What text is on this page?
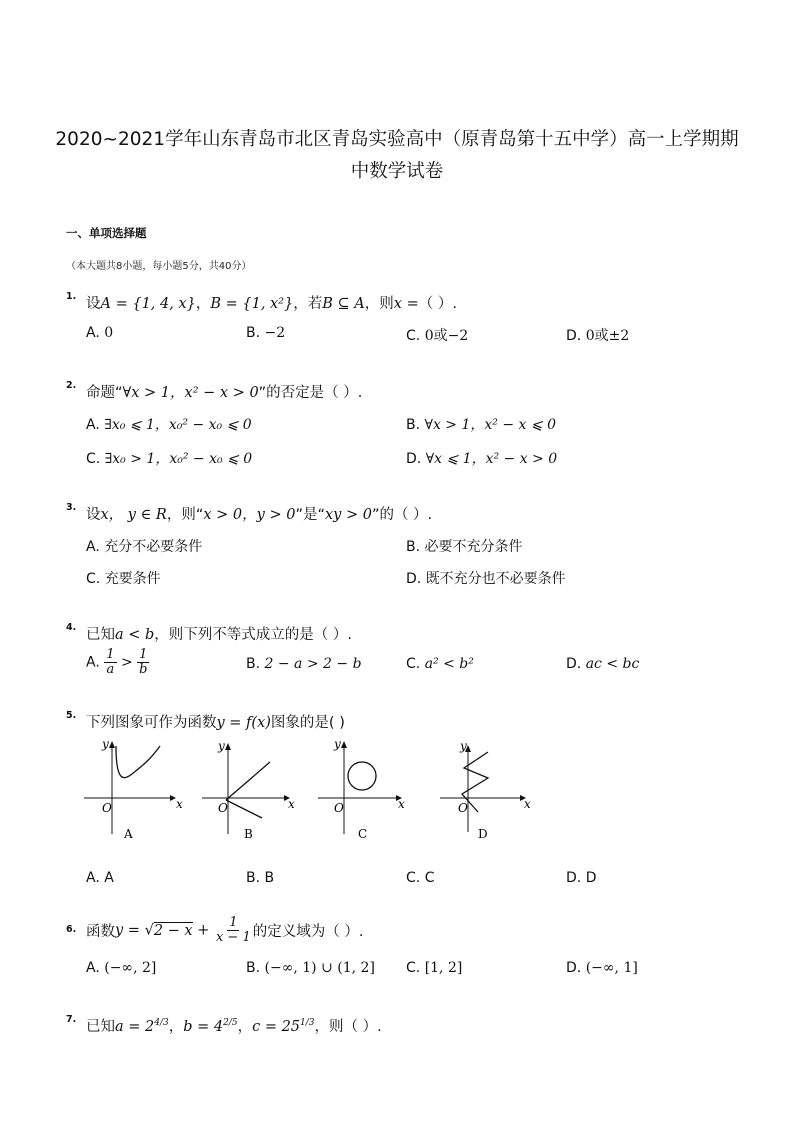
2020~2021学年山东青岛市北区青岛实验高中（原青岛第十五中学）高一上学期期
中数学试卷
一、单项选择题
（本大题共8小题，每小题5分，共40分）
1. 设A = {1, 4, x}，B = {1, x²}，若B ⊆ A，则x =（ ）.
A. 0	B. −2	C. 0或−2	D. 0或±2
2. 命题“∀x > 1，x² − x > 0”的否定是（ ）.
A. ∃x₀ ⩽ 1，x₀² − x₀ ⩽ 0	B. ∀x > 1，x² − x ⩽ 0
C. ∃x₀ > 1，x₀² − x₀ ⩽ 0	D. ∀x ⩽ 1，x² − x > 0
3. 设x， y ∈ R，则“x > 0，y > 0”是“xy > 0”的（ ）.
A. 充分不必要条件	B. 必要不充分条件
C. 充要条件	D. 既不充分也不必要条件
4. 已知a < b，则下列不等式成立的是（ ）.
A. $\frac{1}{a} > \frac{1}{b}$	B. 2 − a > 2 − b	C. a² < b²	D. ac < bc
5. 下列图象可作为函数y = f(x)图象的是( )
y
x
O
A
y
x
O
B
y
x
O
C
y
x
O
D
A. A	B. B	C. C	D. D
6. 函数$y = √2 - x + \frac{1}{x - 1}$ 的定义域为（ ）.
A. (−∞, 2]	B. (−∞, 1) ∪ (1, 2] C. [1, 2]	D. (−∞, 1]
7. 已知$a = 2^{4/3}$，$b = 4^{2/5}$，$c = 25^{1/3}$，则（ ）.
